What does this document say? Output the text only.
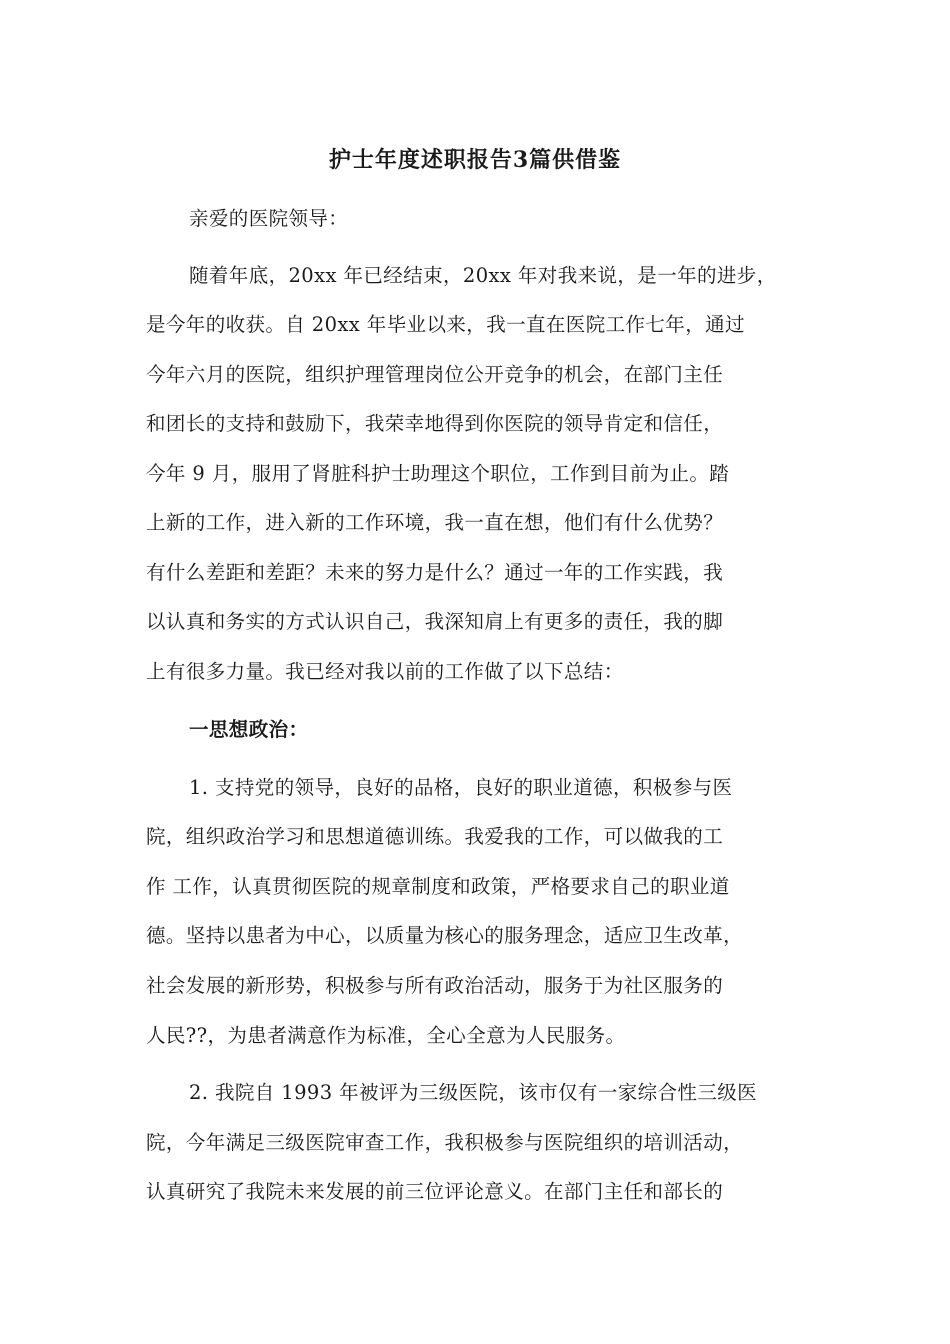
护士年度述职报告3篇供借鉴

亲爱的医院领导：

随着年底，20xx 年已经结束，20xx 年对我来说，是一年的进步，

是今年的收获。自 20xx 年毕业以来，我一直在医院工作七年，通过

今年六月的医院，组织护理管理岗位公开竞争的机会，在部门主任

和团长的支持和鼓励下，我荣幸地得到你医院的领导肯定和信任，

今年 9 月，服用了肾脏科护士助理这个职位，工作到目前为止。踏

上新的工作，进入新的工作环境，我一直在想，他们有什么优势？

有什么差距和差距？未来的努力是什么？通过一年的工作实践，我

以认真和务实的方式认识自己，我深知肩上有更多的责任，我的脚

上有很多力量。我已经对我以前的工作做了以下总结：

一思想政治：

1. 支持党的领导，良好的品格，良好的职业道德，积极参与医

院，组织政治学习和思想道德训练。我爱我的工作，可以做我的工

作 工作，认真贯彻医院的规章制度和政策，严格要求自己的职业道

德。坚持以患者为中心，以质量为核心的服务理念，适应卫生改革，

社会发展的新形势，积极参与所有政治活动，服务于为社区服务的

人民??，为患者满意作为标准，全心全意为人民服务。

2. 我院自 1993 年被评为三级医院，该市仅有一家综合性三级医

院，今年满足三级医院审查工作，我积极参与医院组织的培训活动，

认真研究了我院未来发展的前三位评论意义。在部门主任和部长的
